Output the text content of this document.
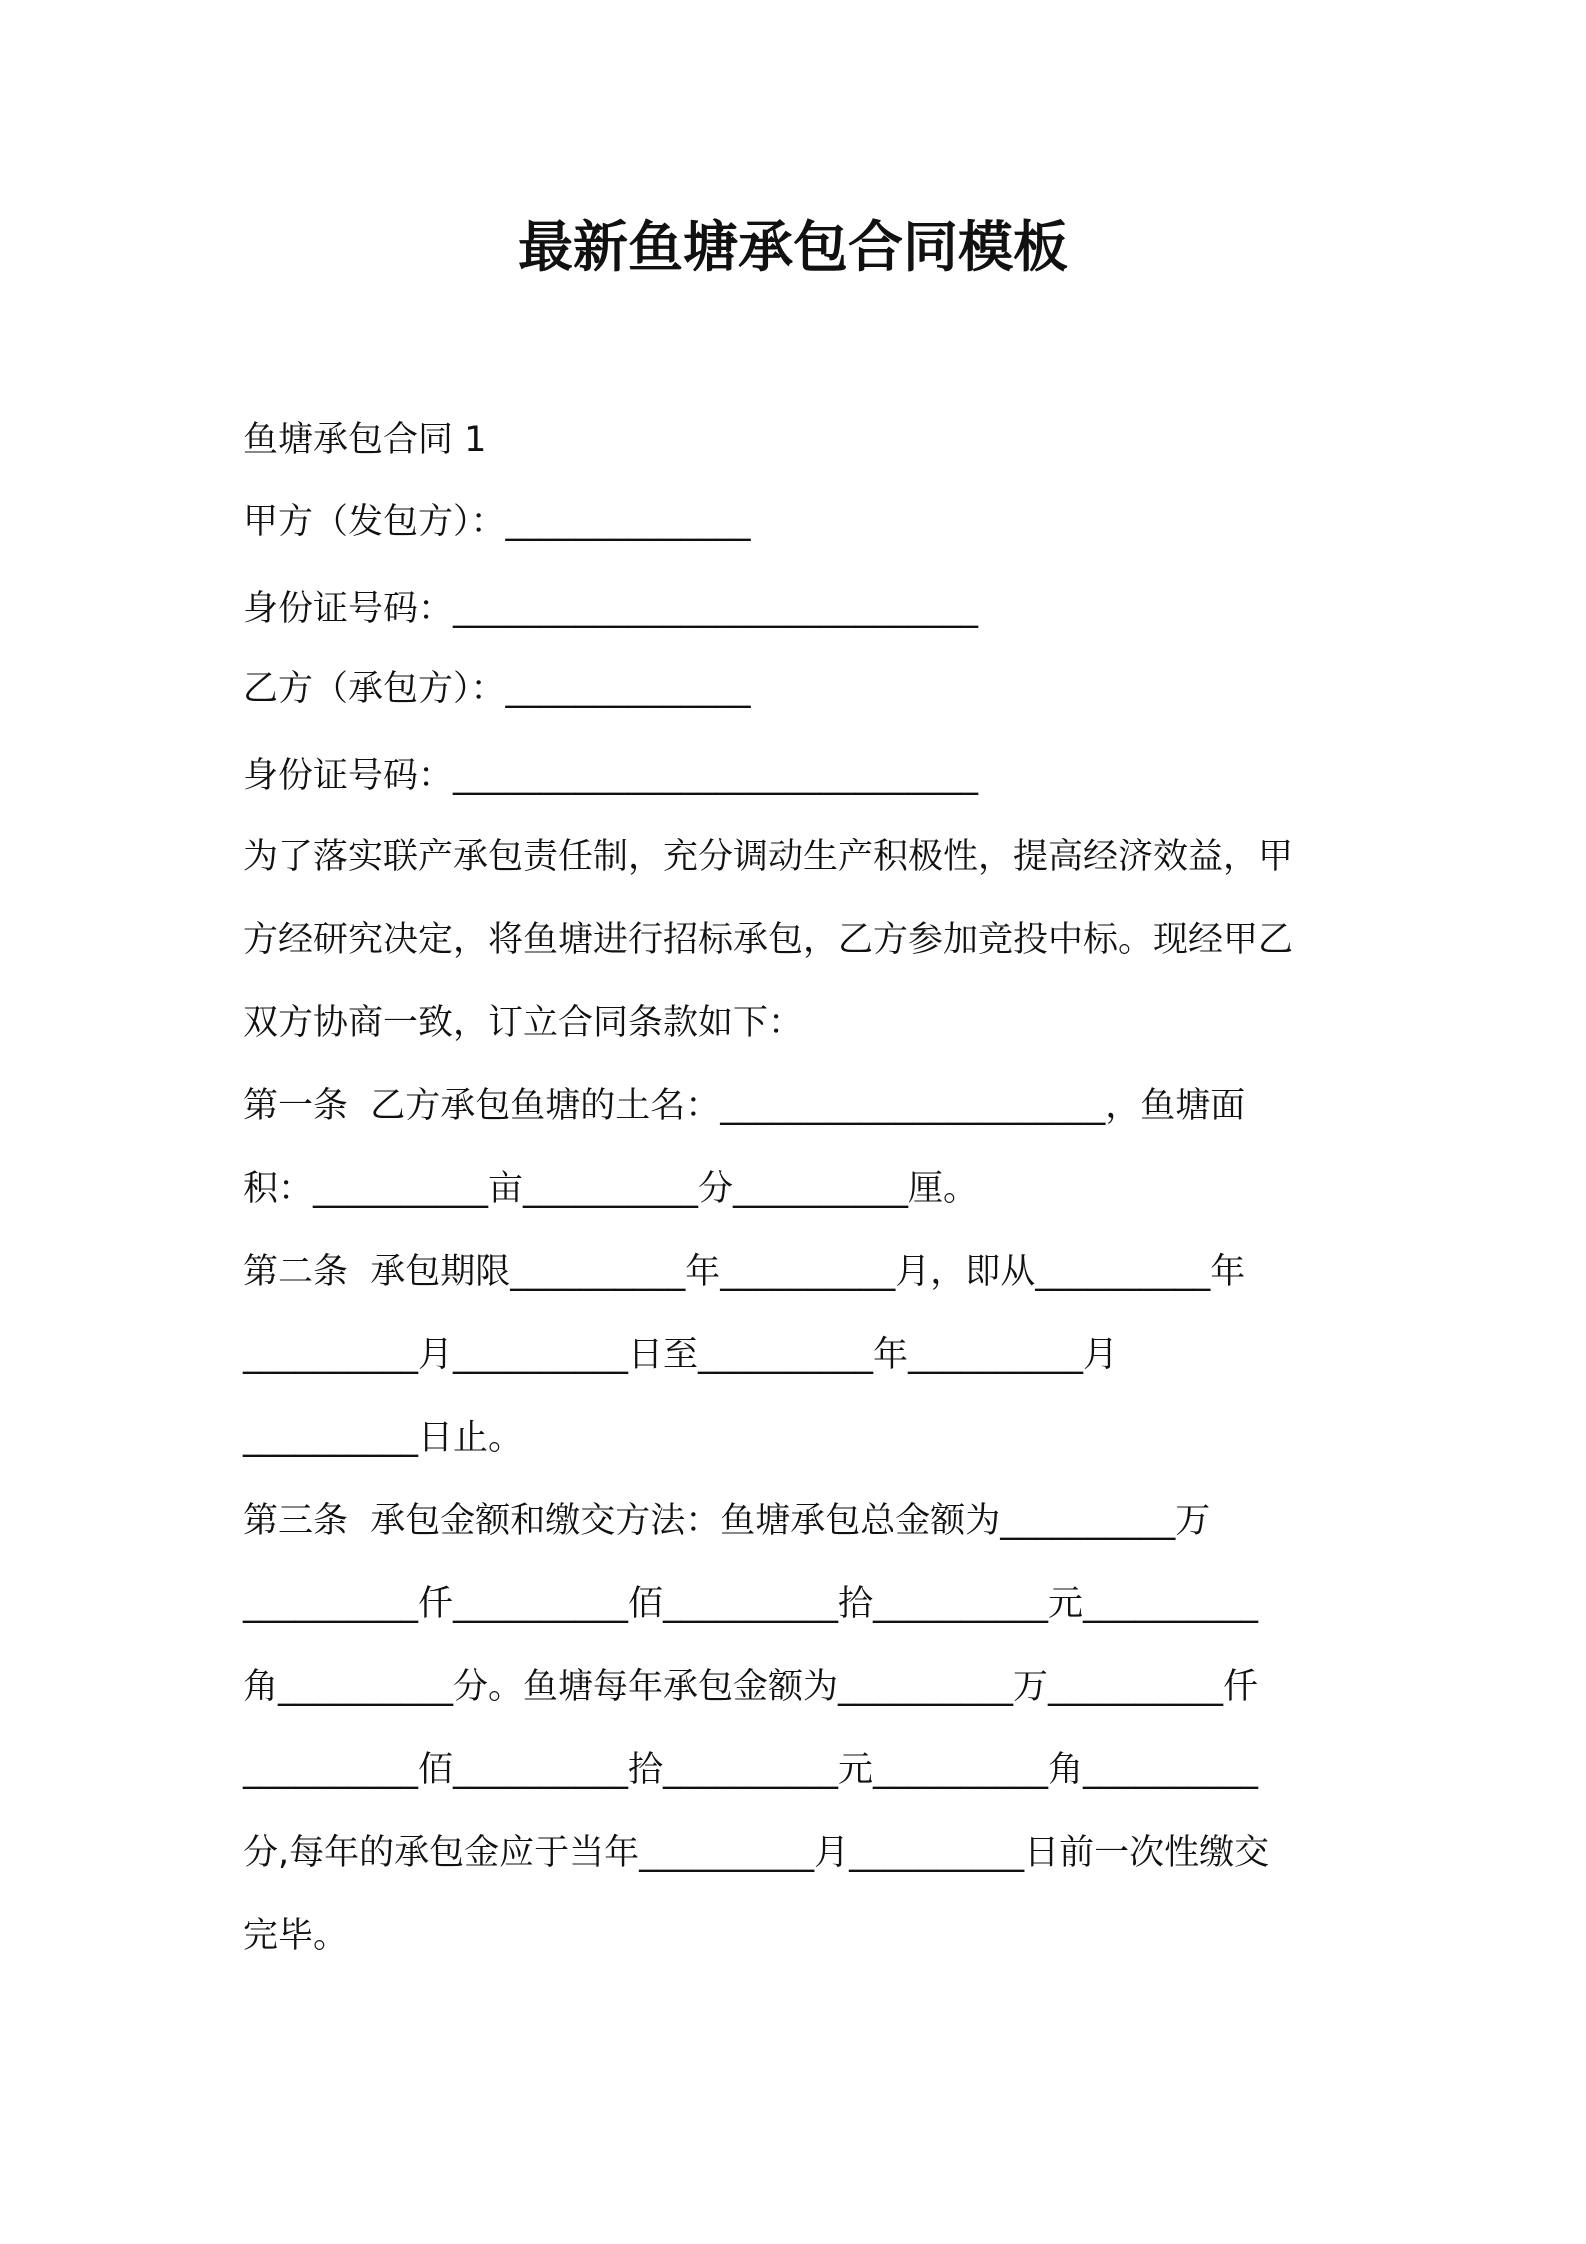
最新鱼塘承包合同模板
鱼塘承包合同 1
甲方（发包方）：______________
身份证号码：______________________________
乙方（承包方）：______________
身份证号码：______________________________
为了落实联产承包责任制，充分调动生产积极性，提高经济效益，甲
方经研究决定，将鱼塘进行招标承包，乙方参加竞投中标。现经甲乙
双方协商一致，订立合同条款如下：
第一条  乙方承包鱼塘的土名：______________________，鱼塘面
积：__________亩__________分__________厘。
第二条  承包期限__________年__________月，即从__________年
__________月__________日至__________年__________月
__________日止。
第三条  承包金额和缴交方法：鱼塘承包总金额为__________万
__________仟__________佰__________拾__________元__________
角__________分。鱼塘每年承包金额为__________万__________仟
__________佰__________拾__________元__________角__________
分,每年的承包金应于当年__________月__________日前一次性缴交
完毕。
